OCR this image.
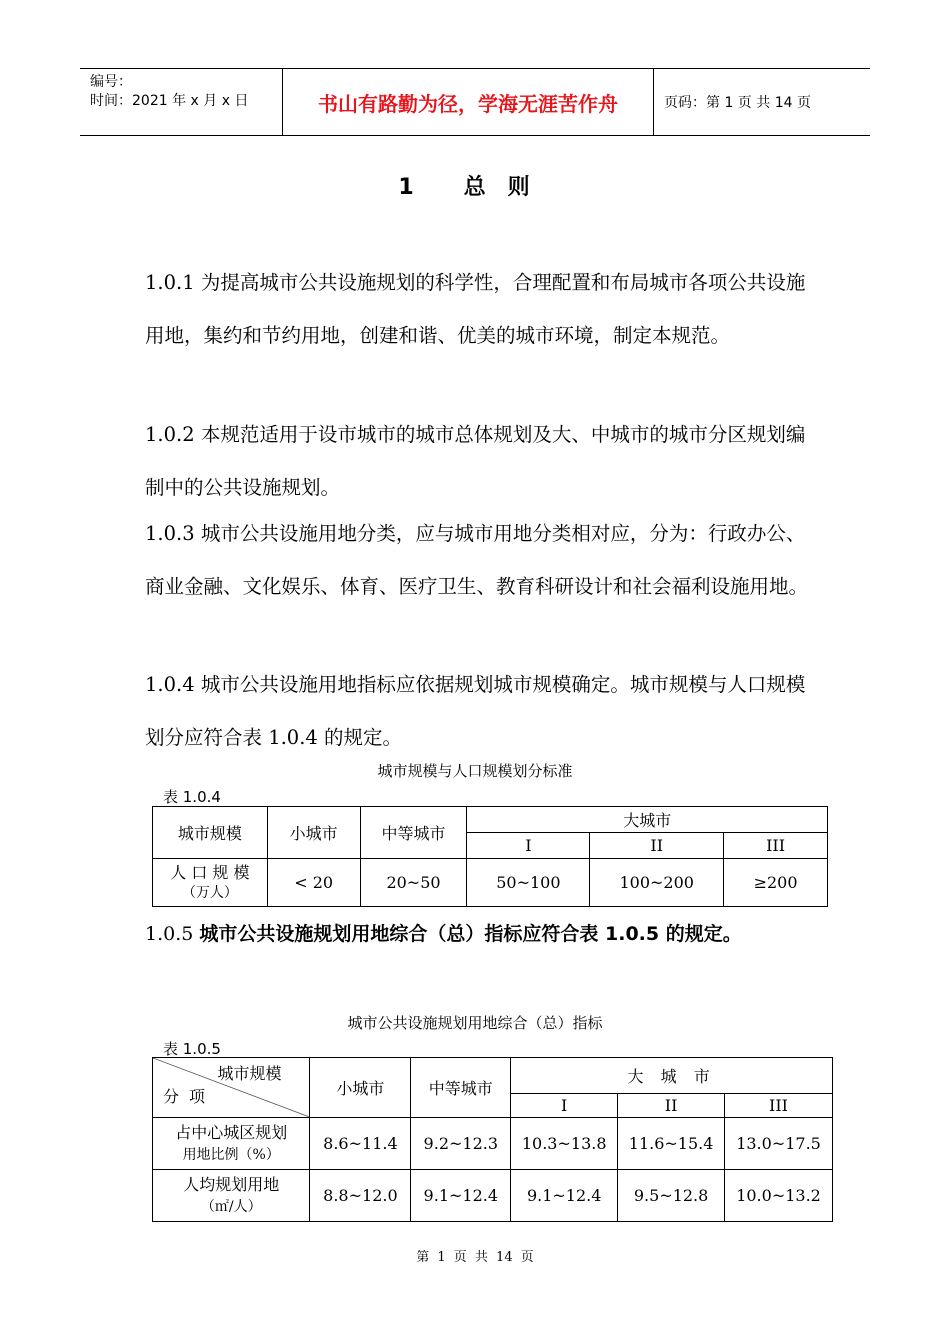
编号：
时间：2021 年 x 月 x 日	书山有路勤为径，学海无涯苦作舟	页码：第 1 页 共 14 页
1 总则
1.0.1 为提高城市公共设施规划的科学性，合理配置和布局城市各项公共设施用地，集约和节约用地，创建和谐、优美的城市环境，制定本规范。
1.0.2 本规范适用于设市城市的城市总体规划及大、中城市的城市分区规划编制中的公共设施规划。
1.0.3 城市公共设施用地分类，应与城市用地分类相对应，分为：行政办公、商业金融、文化娱乐、体育、医疗卫生、教育科研设计和社会福利设施用地。
1.0.4 城市公共设施用地指标应依据规划城市规模确定。城市规模与人口规模划分应符合表 1.0.4 的规定。
城市规模与人口规模划分标准
表 1.0.4
城市规模	小城市	中等城市	大城市		
			I	II	III

人 口 规 模
（万人）	< 20	20~50	50~100	100~200	≥200
1.0.5 城市公共设施规划用地综合（总）指标应符合表 1.0.5 的规定。
城市公共设施规划用地综合（总）指标
表 1.0.5
城市规模
分项	小城市	中等城市	大 城 市		
			I	II	III

占中心城区规划
用地比例（%）	8.6~11.4	9.2~12.3	10.3~13.8	11.6~15.4	13.0~17.5

人均规划用地
（㎡/人）	8.8~12.0	9.1~12.4	9.1~12.4	9.5~12.8	10.0~13.2
第 1 页 共 14 页
